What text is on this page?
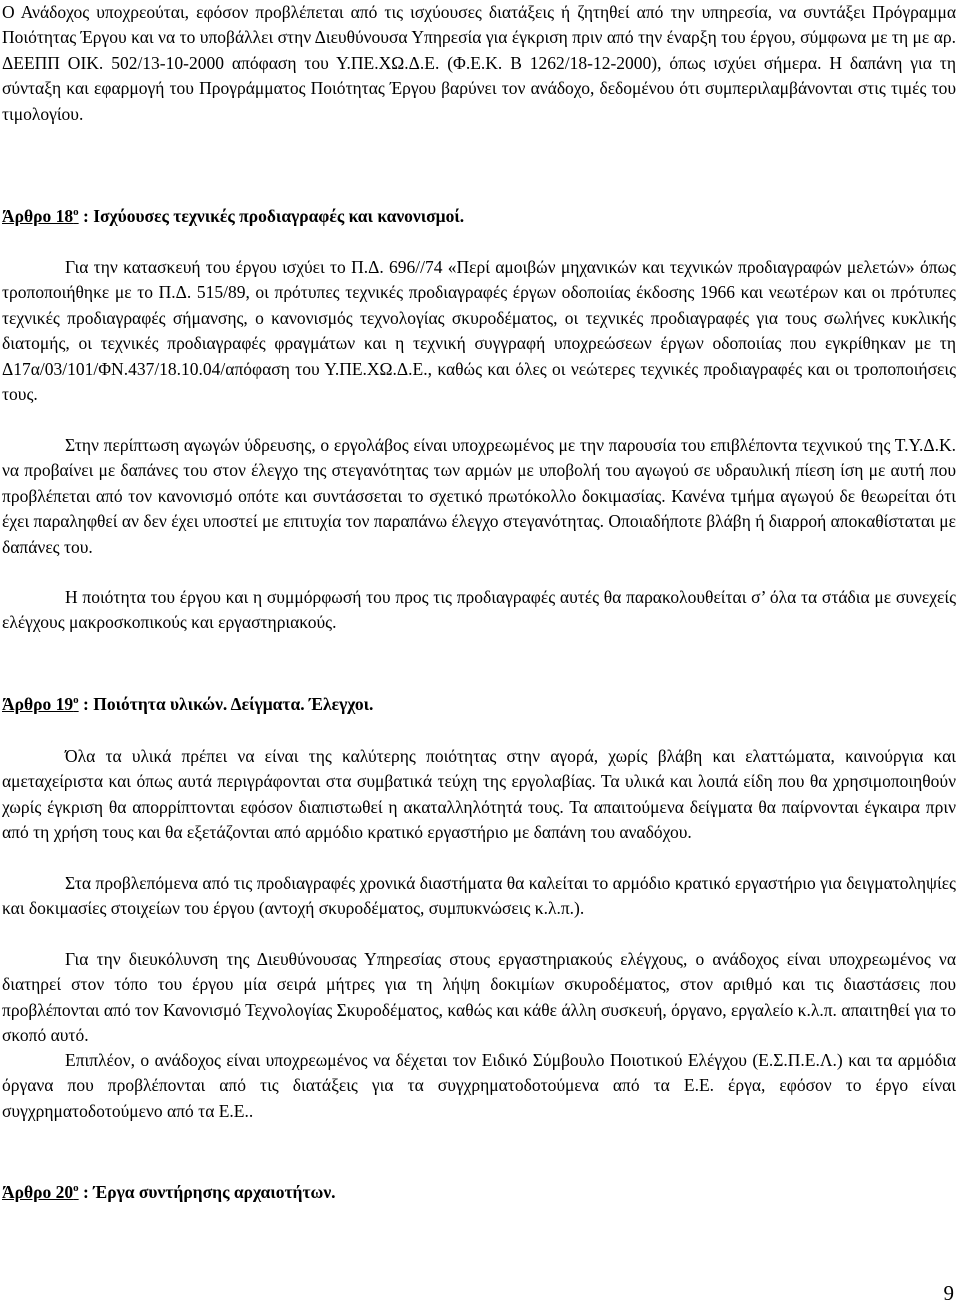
Ο Ανάδοχος υποχρεούται, εφόσον προβλέπεται από τις ισχύουσες διατάξεις ή ζητηθεί από την υπηρεσία, να συντάξει Πρόγραμμα Ποιότητας Έργου και να το υποβάλλει στην Διευθύνουσα Υπηρεσία για έγκριση πριν από την έναρξη του έργου, σύμφωνα με τη με αρ. ΔΕΕΠΠ ΟΙΚ. 502/13-10-2000 απόφαση του Υ.ΠΕ.ΧΩ.Δ.Ε. (Φ.Ε.Κ. Β 1262/18-12-2000), όπως ισχύει σήμερα. Η δαπάνη για τη σύνταξη και εφαρμογή του Προγράμματος Ποιότητας Έργου βαρύνει τον ανάδοχο, δεδομένου ότι συμπεριλαμβάνονται στις τιμές του τιμολογίου.

Άρθρο $18^o$ : Ισχύουσες τεχνικές προδιαγραφές και κανονισμοί.

Για την κατασκευή του έργου ισχύει το Π.Δ. 696//74 «Περί αμοιβών μηχανικών και τεχνικών προδιαγραφών μελετών» όπως τροποποιήθηκε με το Π.Δ. 515/89, οι πρότυπες τεχνικές προδιαγραφές έργων οδοποιίας έκδοσης 1966 και νεωτέρων και οι πρότυπες τεχνικές προδιαγραφές σήμανσης, ο κανονισμός τεχνολογίας σκυροδέματος, οι τεχνικές προδιαγραφές για τους σωλήνες κυκλικής διατομής, οι τεχνικές προδιαγραφές φραγμάτων και η τεχνική συγγραφή υποχρεώσεων έργων οδοποιίας που εγκρίθηκαν με τη Δ17α/03/101/ΦΝ.437/18.10.04/απόφαση του Υ.ΠΕ.ΧΩ.Δ.Ε., καθώς και όλες οι νεώτερες τεχνικές προδιαγραφές και οι τροποποιήσεις τους.

Στην περίπτωση αγωγών ύδρευσης, ο εργολάβος είναι υποχρεωμένος με την παρουσία του επιβλέποντα τεχνικού της Τ.Υ.Δ.Κ. να προβαίνει με δαπάνες του στον έλεγχο της στεγανότητας των αρμών με υποβολή του αγωγού σε υδραυλική πίεση ίση με αυτή που προβλέπεται από τον κανονισμό οπότε και συντάσσεται το σχετικό πρωτόκολλο δοκιμασίας. Κανένα τμήμα αγωγού δε θεωρείται ότι έχει παραληφθεί αν δεν έχει υποστεί με επιτυχία τον παραπάνω έλεγχο στεγανότητας. Οποιαδήποτε βλάβη ή διαρροή αποκαθίσταται με δαπάνες του.

Η ποιότητα του έργου και η συμμόρφωσή του προς τις προδιαγραφές αυτές θα παρακολουθείται σ’ όλα τα στάδια με συνεχείς ελέγχους μακροσκοπικούς και εργαστηριακούς.

Άρθρο $19^o$ : Ποιότητα υλικών. Δείγματα. Έλεγχοι.

Όλα τα υλικά πρέπει να είναι της καλύτερης ποιότητας στην αγορά, χωρίς βλάβη και ελαττώματα, καινούργια και αμεταχείριστα και όπως αυτά περιγράφονται στα συμβατικά τεύχη της εργολαβίας. Τα υλικά και λοιπά είδη που θα χρησιμοποιηθούν χωρίς έγκριση θα απορρίπτονται εφόσον διαπιστωθεί η ακαταλληλότητά τους. Τα απαιτούμενα δείγματα θα παίρνονται έγκαιρα πριν από τη χρήση τους και θα εξετάζονται από αρμόδιο κρατικό εργαστήριο με δαπάνη του αναδόχου.

Στα προβλεπόμενα από τις προδιαγραφές χρονικά διαστήματα θα καλείται το αρμόδιο κρατικό εργαστήριο για δειγματοληψίες και δοκιμασίες στοιχείων του έργου (αντοχή σκυροδέματος, συμπυκνώσεις κ.λ.π.).

Για την διευκόλυνση της Διευθύνουσας Υπηρεσίας στους εργαστηριακούς ελέγχους, ο ανάδοχος είναι υποχρεωμένος να διατηρεί στον τόπο του έργου μία σειρά μήτρες για τη λήψη δοκιμίων σκυροδέματος, στον αριθμό και τις διαστάσεις που προβλέπονται από τον Κανονισμό Τεχνολογίας Σκυροδέματος, καθώς και κάθε άλλη συσκευή, όργανο, εργαλείο κ.λ.π. απαιτηθεί για το σκοπό αυτό.

Επιπλέον, ο ανάδοχος είναι υποχρεωμένος να δέχεται τον Ειδικό Σύμβουλο Ποιοτικού Ελέγχου (Ε.Σ.Π.Ε.Λ.) και τα αρμόδια όργανα που προβλέπονται από τις διατάξεις για τα συγχρηματοδοτούμενα από τα Ε.Ε. έργα, εφόσον το έργο είναι συγχρηματοδοτούμενο από τα Ε.Ε..

Άρθρο $20^o$ : Έργα συντήρησης αρχαιοτήτων.

9
